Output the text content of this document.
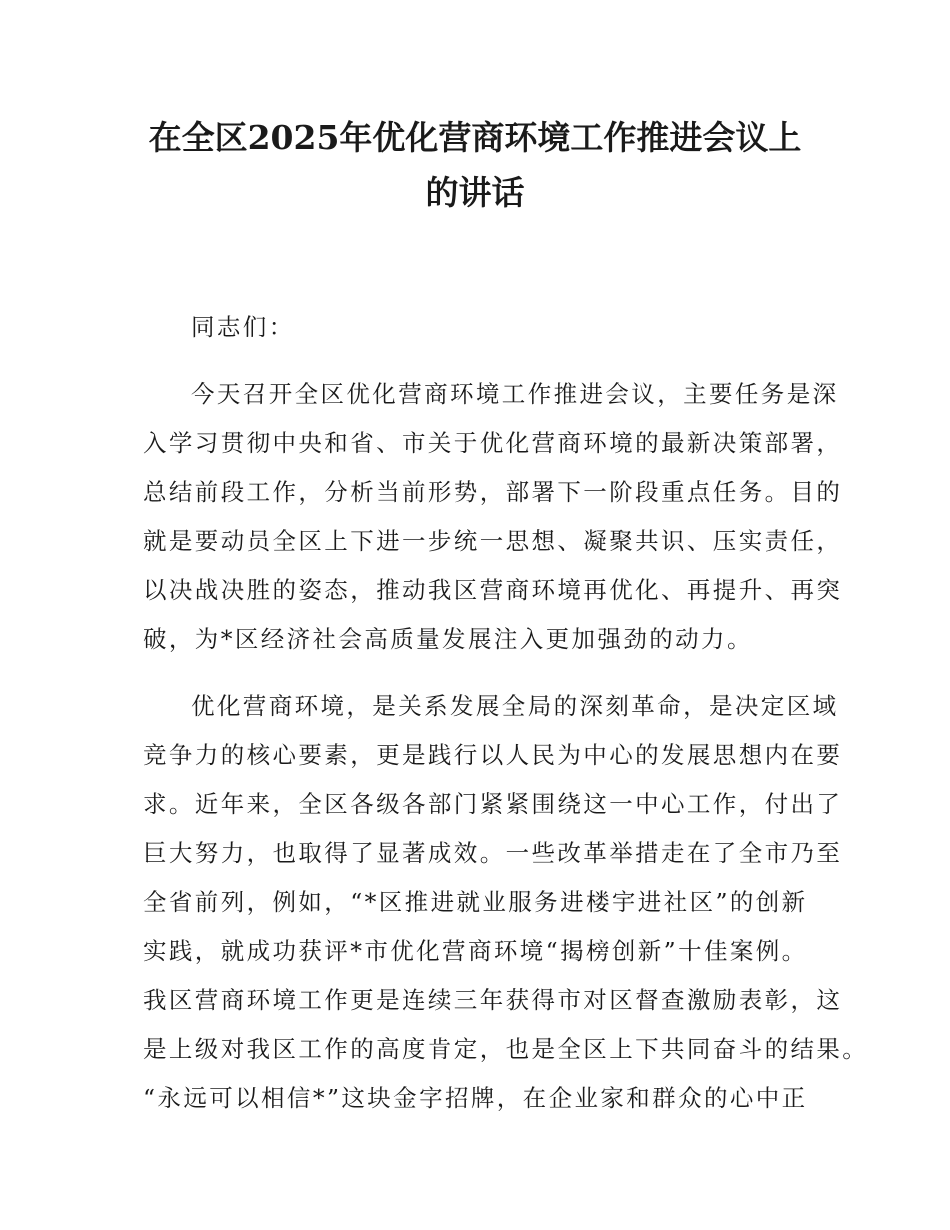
在全区2025年优化营商环境工作推进会议上
的讲话

同志们：

今天召开全区优化营商环境工作推进会议，主要任务是深

入学习贯彻中央和省、市关于优化营商环境的最新决策部署，

总结前段工作，分析当前形势，部署下一阶段重点任务。目的

就是要动员全区上下进一步统一思想、凝聚共识、压实责任，

以决战决胜的姿态，推动我区营商环境再优化、再提升、再突

破，为*区经济社会高质量发展注入更加强劲的动力。

优化营商环境，是关系发展全局的深刻革命，是决定区域

竞争力的核心要素，更是践行以人民为中心的发展思想内在要

求。近年来，全区各级各部门紧紧围绕这一中心工作，付出了

巨大努力，也取得了显著成效。一些改革举措走在了全市乃至

全省前列，例如，“*区推进就业服务进楼宇进社区”的创新

实践，就成功获评*市优化营商环境“揭榜创新”十佳案例。

我区营商环境工作更是连续三年获得市对区督查激励表彰，这

是上级对我区工作的高度肯定，也是全区上下共同奋斗的结果。

“永远可以相信*”这块金字招牌，在企业家和群众的心中正
